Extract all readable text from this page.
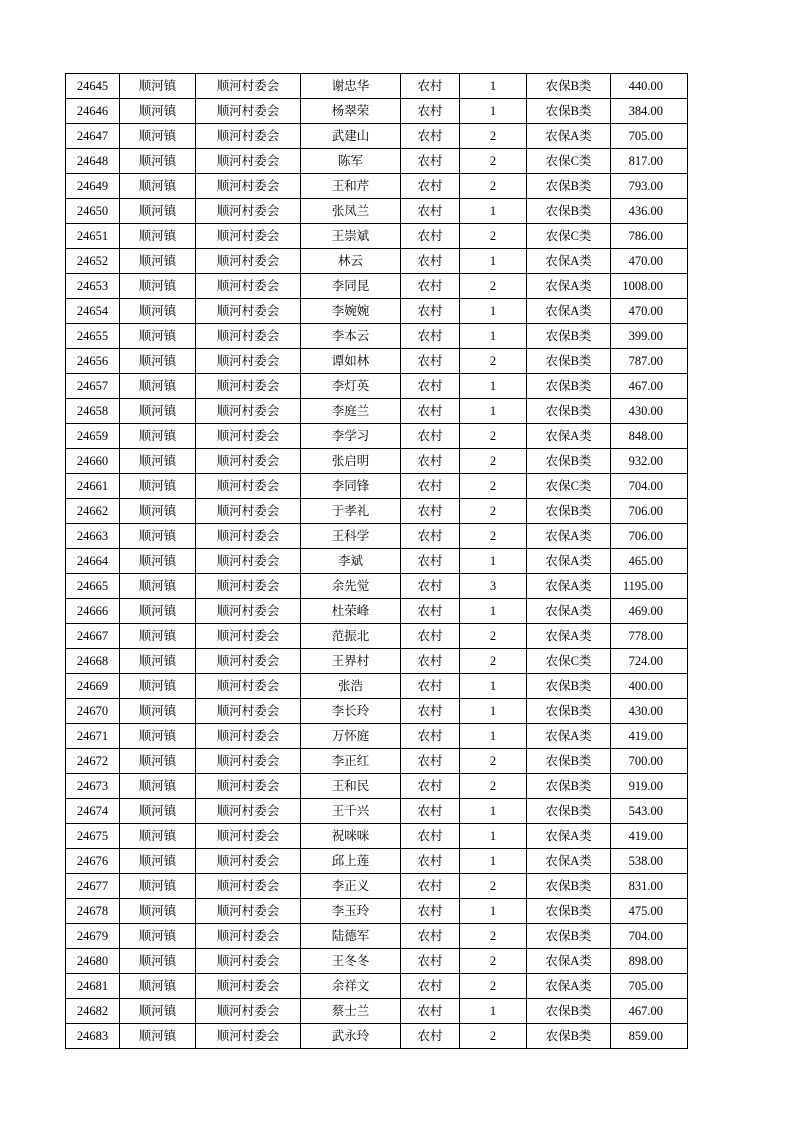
24645	顺河镇	顺河村委会	谢忠华	农村	1	农保B类	440.00
24646	顺河镇	顺河村委会	杨翠荣	农村	1	农保B类	384.00
24647	顺河镇	顺河村委会	武建山	农村	2	农保A类	705.00
24648	顺河镇	顺河村委会	陈军	农村	2	农保C类	817.00
24649	顺河镇	顺河村委会	王和芹	农村	2	农保B类	793.00
24650	顺河镇	顺河村委会	张凤兰	农村	1	农保B类	436.00
24651	顺河镇	顺河村委会	王崇斌	农村	2	农保C类	786.00
24652	顺河镇	顺河村委会	林云	农村	1	农保A类	470.00
24653	顺河镇	顺河村委会	李同昆	农村	2	农保A类	1008.00
24654	顺河镇	顺河村委会	李婉婉	农村	1	农保A类	470.00
24655	顺河镇	顺河村委会	李本云	农村	1	农保B类	399.00
24656	顺河镇	顺河村委会	谭如林	农村	2	农保B类	787.00
24657	顺河镇	顺河村委会	李灯英	农村	1	农保B类	467.00
24658	顺河镇	顺河村委会	李庭兰	农村	1	农保B类	430.00
24659	顺河镇	顺河村委会	李学习	农村	2	农保A类	848.00
24660	顺河镇	顺河村委会	张启明	农村	2	农保B类	932.00
24661	顺河镇	顺河村委会	李同锋	农村	2	农保C类	704.00
24662	顺河镇	顺河村委会	于孝礼	农村	2	农保B类	706.00
24663	顺河镇	顺河村委会	王科学	农村	2	农保A类	706.00
24664	顺河镇	顺河村委会	李斌	农村	1	农保A类	465.00
24665	顺河镇	顺河村委会	余先觉	农村	3	农保A类	1195.00
24666	顺河镇	顺河村委会	杜荣峰	农村	1	农保A类	469.00
24667	顺河镇	顺河村委会	范振北	农村	2	农保A类	778.00
24668	顺河镇	顺河村委会	王界村	农村	2	农保C类	724.00
24669	顺河镇	顺河村委会	张浩	农村	1	农保B类	400.00
24670	顺河镇	顺河村委会	李长玲	农村	1	农保B类	430.00
24671	顺河镇	顺河村委会	万怀庭	农村	1	农保A类	419.00
24672	顺河镇	顺河村委会	李正红	农村	2	农保B类	700.00
24673	顺河镇	顺河村委会	王和民	农村	2	农保B类	919.00
24674	顺河镇	顺河村委会	王千兴	农村	1	农保B类	543.00
24675	顺河镇	顺河村委会	祝咪咪	农村	1	农保A类	419.00
24676	顺河镇	顺河村委会	邱上莲	农村	1	农保A类	538.00
24677	顺河镇	顺河村委会	李正义	农村	2	农保B类	831.00
24678	顺河镇	顺河村委会	李玉玲	农村	1	农保B类	475.00
24679	顺河镇	顺河村委会	陆德军	农村	2	农保B类	704.00
24680	顺河镇	顺河村委会	王冬冬	农村	2	农保A类	898.00
24681	顺河镇	顺河村委会	余祥文	农村	2	农保A类	705.00
24682	顺河镇	顺河村委会	蔡士兰	农村	1	农保B类	467.00
24683	顺河镇	顺河村委会	武永玲	农村	2	农保B类	859.00
